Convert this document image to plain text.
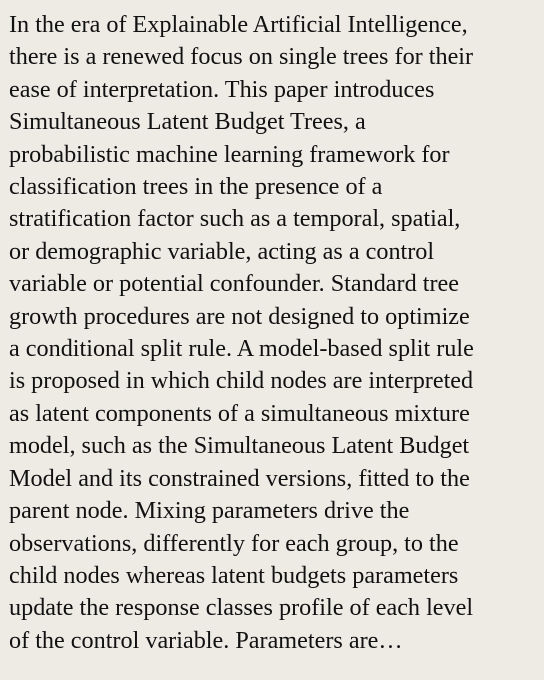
In the era of Explainable Artificial Intelligence,
there is a renewed focus on single trees for their
ease of interpretation. This paper introduces
Simultaneous Latent Budget Trees, a
probabilistic machine learning framework for
classification trees in the presence of a
stratification factor such as a temporal, spatial,
or demographic variable, acting as a control
variable or potential confounder. Standard tree
growth procedures are not designed to optimize
a conditional split rule. A model-based split rule
is proposed in which child nodes are interpreted
as latent components of a simultaneous mixture
model, such as the Simultaneous Latent Budget
Model and its constrained versions, fitted to the
parent node. Mixing parameters drive the
observations, differently for each group, to the
child nodes whereas latent budgets parameters
update the response classes profile of each level
of the control variable. Parameters are…
